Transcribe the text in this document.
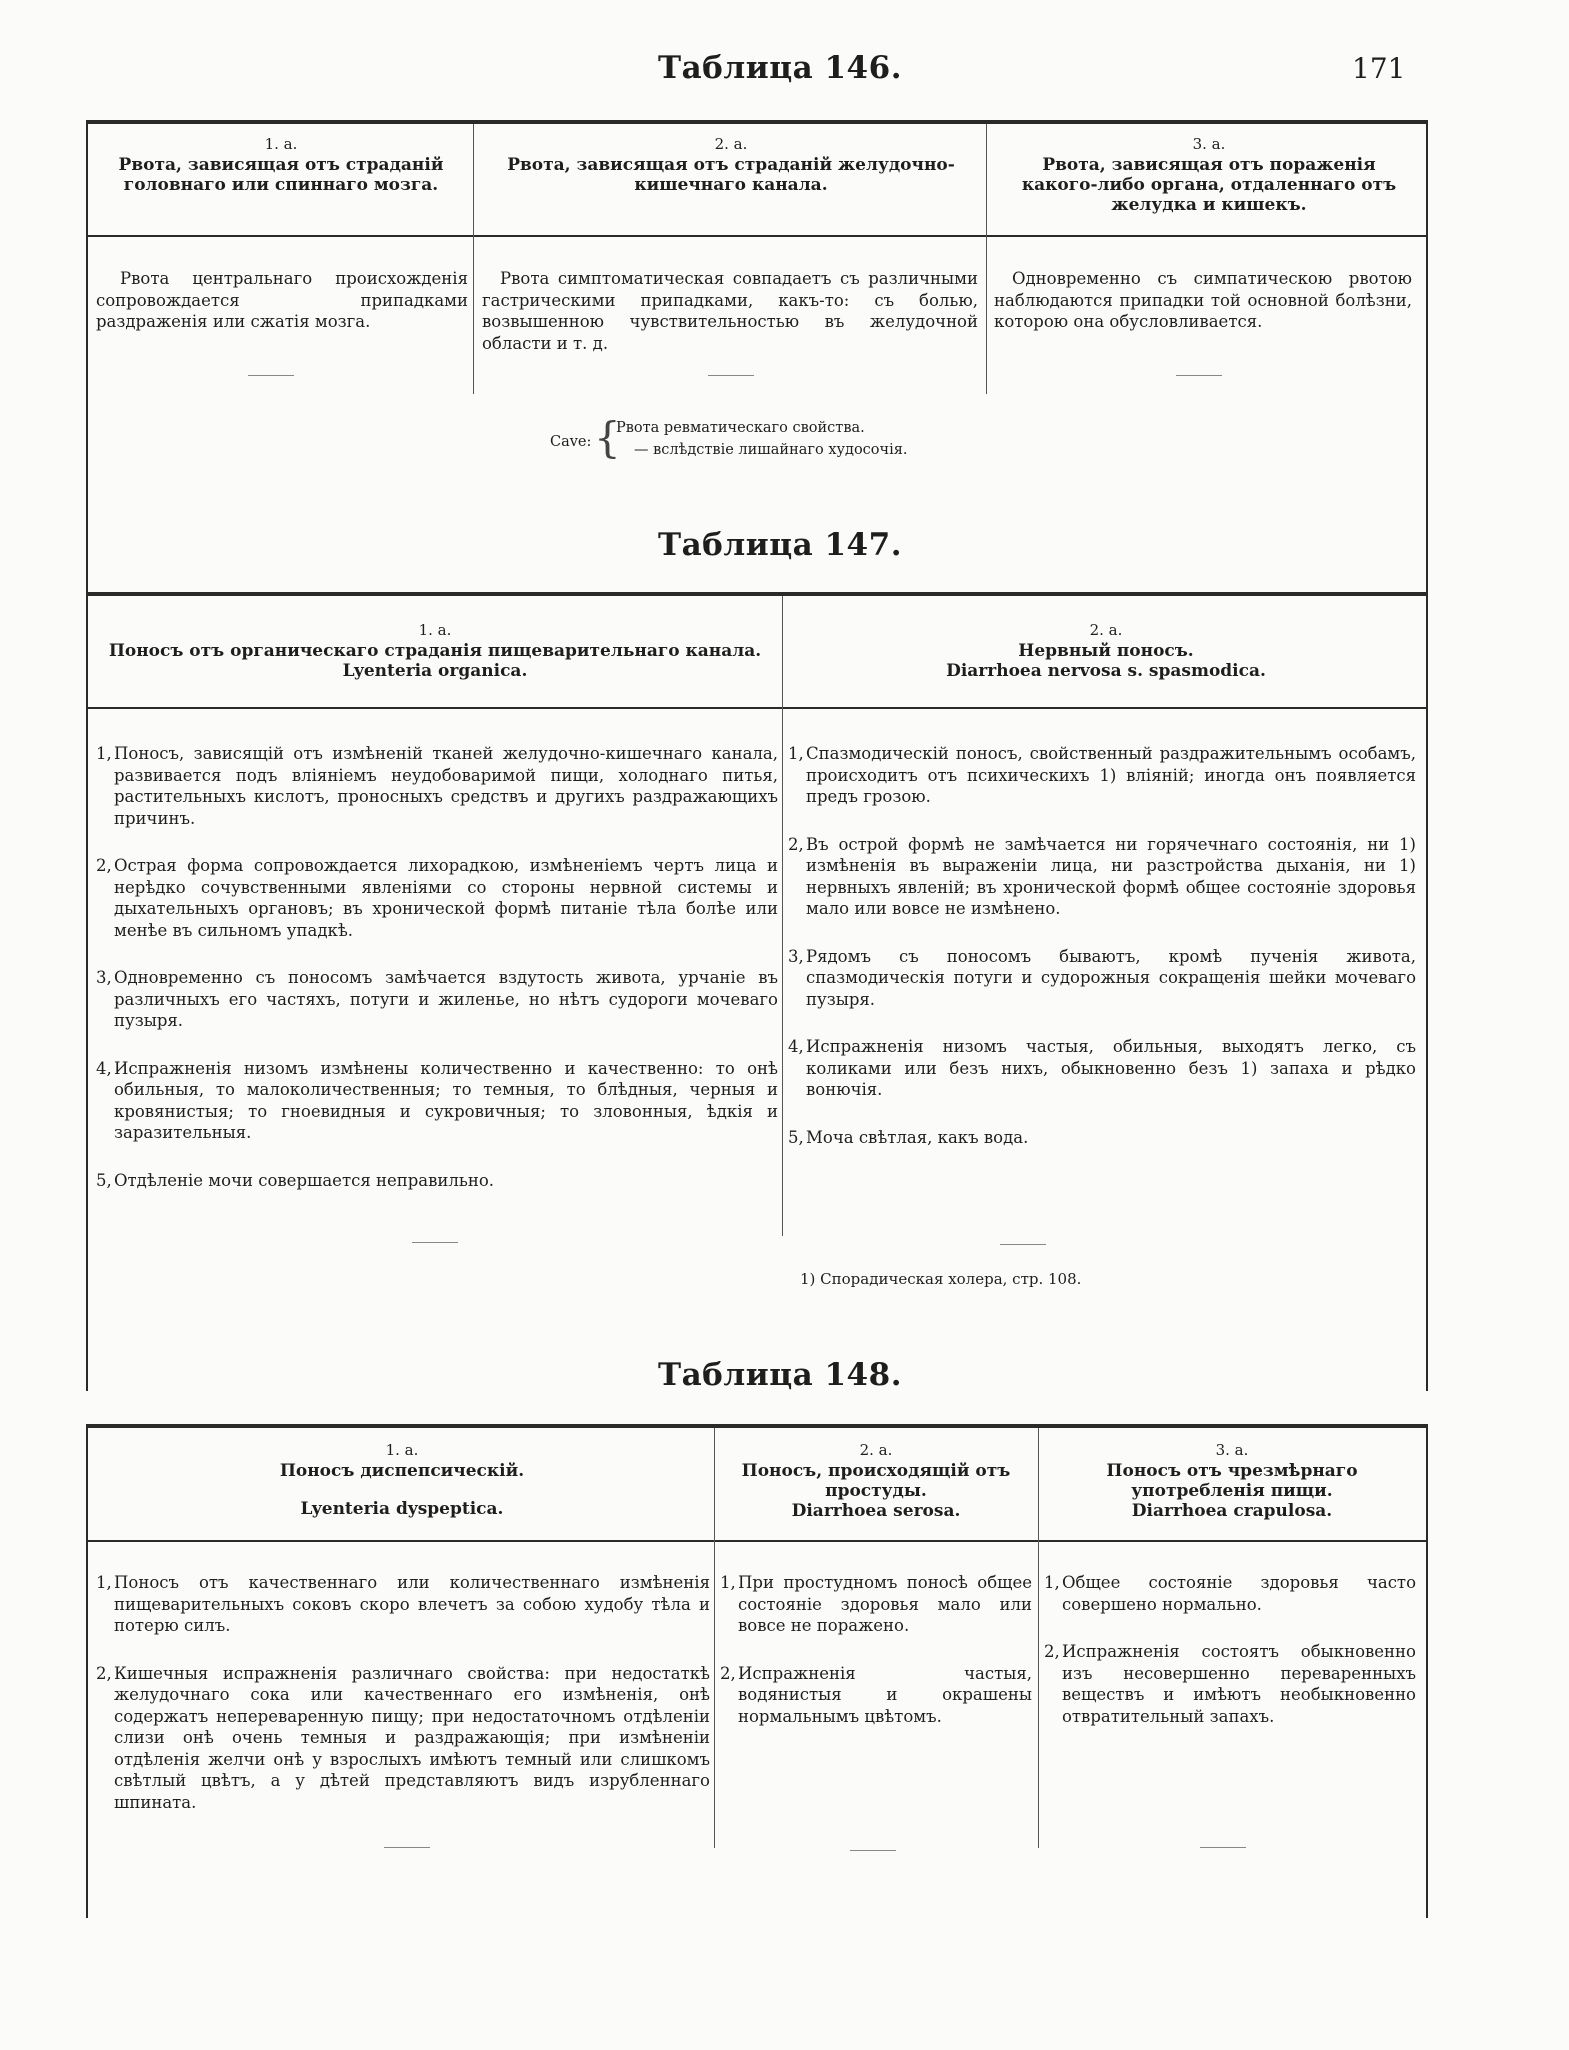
171
Таблица 146.
1. а.
Рвота, зависящая отъ страданій головнаго или спиннаго мозга.
2. а.
Рвота, зависящая отъ страданій желудочно-кишечнаго канала.
3. а.
Рвота, зависящая отъ пораженія какого-либо органа, отдаленнаго отъ желудка и кишекъ.
Рвота центральнаго происхожденія сопровождается припадками раздраженія или сжатія мозга.
Рвота симптоматическая совпадаетъ съ различными гастрическими припадками, какъ-то: съ болью, возвышенною чувствительностью въ желудочной области и т. д.
Одновременно съ симпатическою рвотою наблюдаются припадки той основной болѣзни, которою она обусловливается.
Cave: {
Рвота ревматическаго свойства.
— вслѣдствіе лишайнаго худосочія.
Таблица 147.
1. а.
Поносъ отъ органическаго страданія пищеварительнаго канала.
Lyenteria organica.
2. а.
Нервный поносъ.
Diarrhoea nervosa s. spasmodica.
1, Поносъ, зависящій отъ измѣненій тканей желудочно-кишечнаго канала, развивается подъ вліяніемъ неудобоваримой пищи, холоднаго питья, растительныхъ кислотъ, проносныхъ средствъ и другихъ раздражающихъ причинъ.
2, Острая форма сопровождается лихорадкою, измѣненіемъ чертъ лица и нерѣдко сочувственными явленіями со стороны нервной системы и дыхательныхъ органовъ; въ хронической формѣ питаніе тѣла болѣе или менѣе въ сильномъ упадкѣ.
3, Одновременно съ поносомъ замѣчается вздутость живота, урчаніе въ различныхъ его частяхъ, потуги и жиленье, но нѣтъ судороги мочеваго пузыря.
4, Испражненія низомъ измѣнены количественно и качественно: то онѣ обильныя, то малоколичественныя; то темныя, то блѣдныя, черныя и кровянистыя; то гноевидныя и сукровичныя; то зловонныя, ѣдкія и заразительныя.
5, Отдѣленіе мочи совершается неправильно.
1, Спазмодическій поносъ, свойственный раздражительнымъ особамъ, происходитъ отъ психическихъ 1) вліяній; иногда онъ появляется предъ грозою.
2, Въ острой формѣ не замѣчается ни горячечнаго состоянія, ни 1) измѣненія въ выраженіи лица, ни разстройства дыханія, ни 1) нервныхъ явленій; въ хронической формѣ общее состояніе здоровья мало или вовсе не измѣнено.
3, Рядомъ съ поносомъ бываютъ, кромѣ пученія живота, спазмодическія потуги и судорожныя сокращенія шейки мочеваго пузыря.
4, Испражненія низомъ частыя, обильныя, выходятъ легко, съ коликами или безъ нихъ, обыкновенно безъ 1) запаха и рѣдко вонючія.
5, Моча свѣтлая, какъ вода.
1) Спорадическая холера, стр. 108.
Таблица 148.
1. а.
Поносъ диспепсическій.
Lyenteria dyspeptica.
2. а.
Поносъ, происходящій отъ простуды.
Diarrhoea serosa.
3. а.
Поносъ отъ чрезмѣрнаго употребленія пищи.
Diarrhoea crapulosa.
1, Поносъ отъ качественнаго или количественнаго измѣненія пищеварительныхъ соковъ скоро влечетъ за собою худобу тѣла и потерю силъ.
2, Кишечныя испражненія различнаго свойства: при недостаткѣ желудочнаго сока или качественнаго его измѣненія, онѣ содержатъ непереваренную пищу; при недостаточномъ отдѣленіи слизи онѣ очень темныя и раздражающія; при измѣненіи отдѣленія желчи онѣ у взрослыхъ имѣютъ темный или слишкомъ свѣтлый цвѣтъ, а у дѣтей представляютъ видъ изрубленнаго шпината.
1, При простудномъ поносѣ общее состояніе здоровья мало или вовсе не поражено.
2, Испражненія частыя, водянистыя и окрашены нормальнымъ цвѣтомъ.
1, Общее состояніе здоровья часто совершено нормально.
2, Испражненія состоятъ обыкновенно изъ несовершенно переваренныхъ веществъ и имѣютъ необыкновенно отвратительный запахъ.
